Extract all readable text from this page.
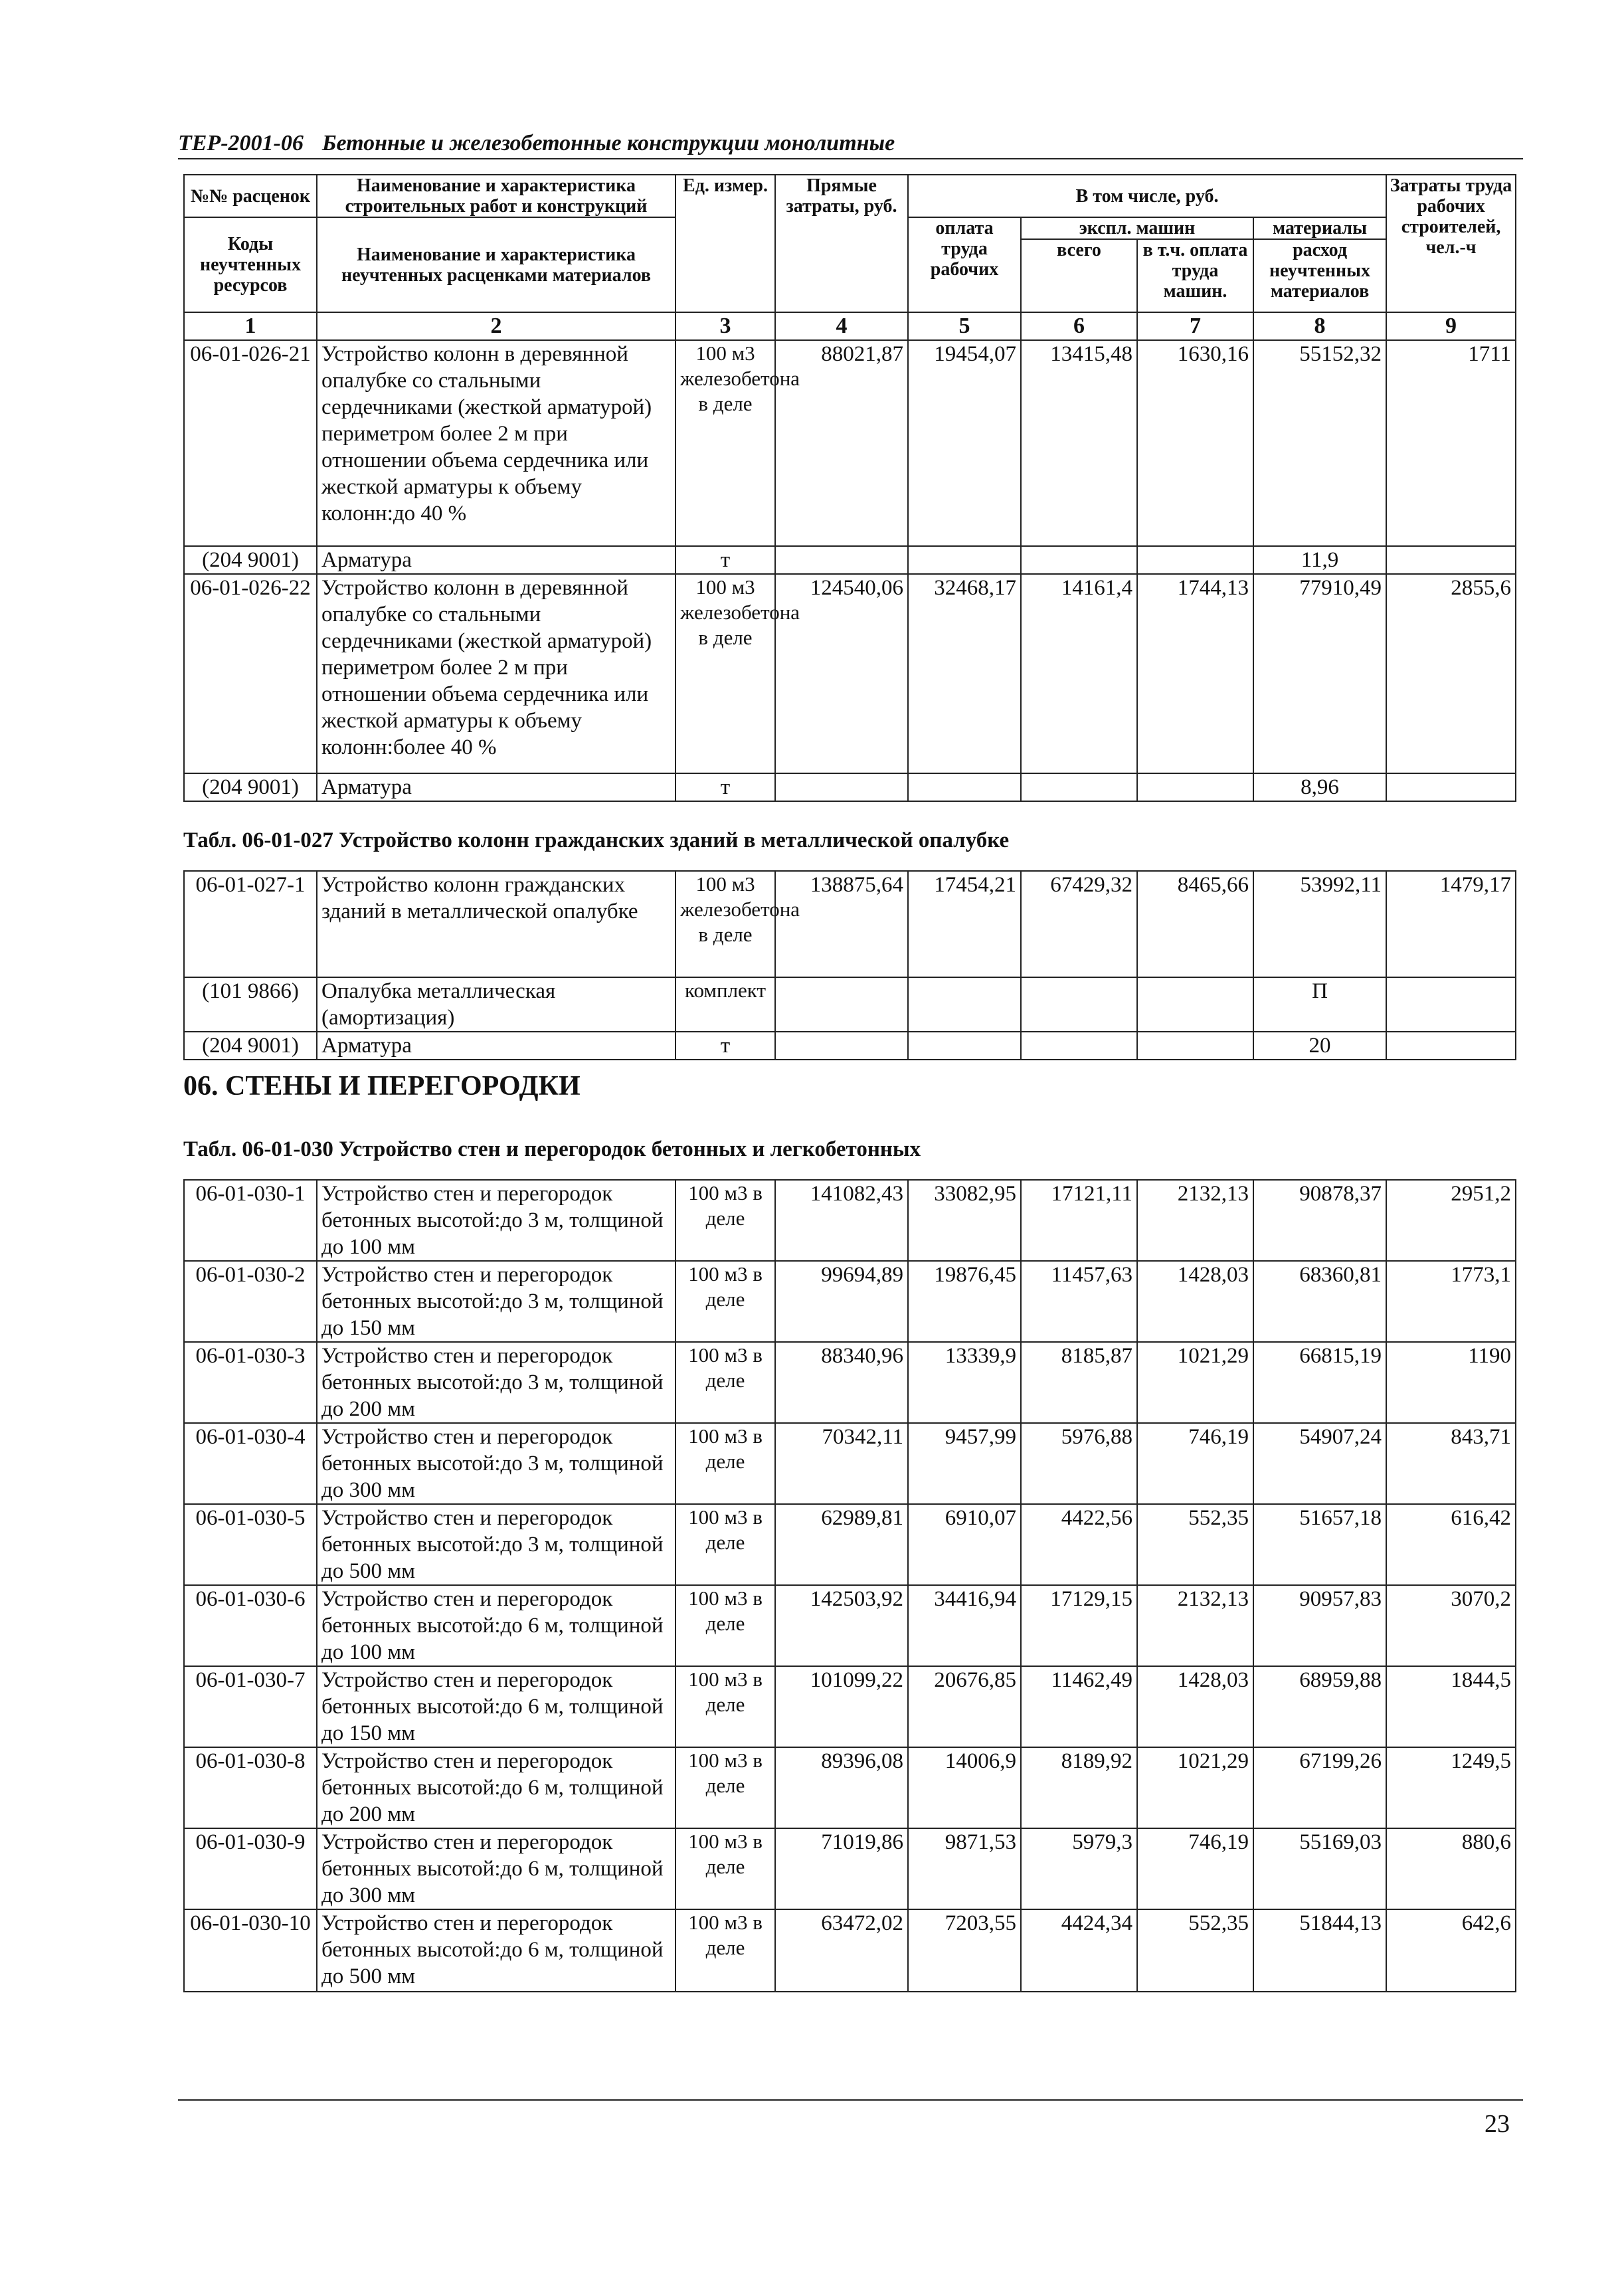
ТЕР-2001-06 Бетонные и железобетонные конструкции монолитные
№№ расценок	Наименование и характеристика строительных работ и конструкций	Ед. измер.	Прямые затраты, руб.	В том числе, руб.				Затраты труда рабочих строителей, чел.-ч
Коды неучтенных ресурсов	Наименование и характеристика неучтенных расценками материалов			оплата труда рабочих	экспл. машин		материалы	
					всего	в т.ч. оплата труда машин.	расход неучтенных материалов	
1	2	3	4	5	6	7	8	9
06-01-026-21	Устройство колонн в деревянной опалубке со стальными сердечниками (жесткой арматурой) периметром более 2 м при отношении объема сердечника или жесткой арматуры к объему колонн:до 40 %	100 м3 железобетона в деле	88021,87	19454,07	13415,48	1630,16	55152,32	1711
(204 9001)	Арматура	т					11,9	
06-01-026-22	Устройство колонн в деревянной опалубке со стальными сердечниками (жесткой арматурой) периметром более 2 м при отношении объема сердечника или жесткой арматуры к объему колонн:более 40 %	100 м3 железобетона в деле	124540,06	32468,17	14161,4	1744,13	77910,49	2855,6
(204 9001)	Арматура	т					8,96	
Табл. 06-01-027 Устройство колонн гражданских зданий в металлической опалубке
06-01-027-1	Устройство колонн гражданских зданий в металлической опалубке	100 м3 железобетона в деле	138875,64	17454,21	67429,32	8465,66	53992,11	1479,17
(101 9866)	Опалубка металлическая (амортизация)	комплект					П	
(204 9001)	Арматура	т					20	
06. СТЕНЫ И ПЕРЕГОРОДКИ
Табл. 06-01-030 Устройство стен и перегородок бетонных и легкобетонных
06-01-030-1	Устройство стен и перегородок бетонных высотой:до 3 м, толщиной до 100 мм	100 м3 в деле	141082,43	33082,95	17121,11	2132,13	90878,37	2951,2
06-01-030-2	Устройство стен и перегородок бетонных высотой:до 3 м, толщиной до 150 мм	100 м3 в деле	99694,89	19876,45	11457,63	1428,03	68360,81	1773,1
06-01-030-3	Устройство стен и перегородок бетонных высотой:до 3 м, толщиной до 200 мм	100 м3 в деле	88340,96	13339,9	8185,87	1021,29	66815,19	1190
06-01-030-4	Устройство стен и перегородок бетонных высотой:до 3 м, толщиной до 300 мм	100 м3 в деле	70342,11	9457,99	5976,88	746,19	54907,24	843,71
06-01-030-5	Устройство стен и перегородок бетонных высотой:до 3 м, толщиной до 500 мм	100 м3 в деле	62989,81	6910,07	4422,56	552,35	51657,18	616,42
06-01-030-6	Устройство стен и перегородок бетонных высотой:до 6 м, толщиной до 100 мм	100 м3 в деле	142503,92	34416,94	17129,15	2132,13	90957,83	3070,2
06-01-030-7	Устройство стен и перегородок бетонных высотой:до 6 м, толщиной до 150 мм	100 м3 в деле	101099,22	20676,85	11462,49	1428,03	68959,88	1844,5
06-01-030-8	Устройство стен и перегородок бетонных высотой:до 6 м, толщиной до 200 мм	100 м3 в деле	89396,08	14006,9	8189,92	1021,29	67199,26	1249,5
06-01-030-9	Устройство стен и перегородок бетонных высотой:до 6 м, толщиной до 300 мм	100 м3 в деле	71019,86	9871,53	5979,3	746,19	55169,03	880,6
06-01-030-10	Устройство стен и перегородок бетонных высотой:до 6 м, толщиной до 500 мм	100 м3 в деле	63472,02	7203,55	4424,34	552,35	51844,13	642,6
23
